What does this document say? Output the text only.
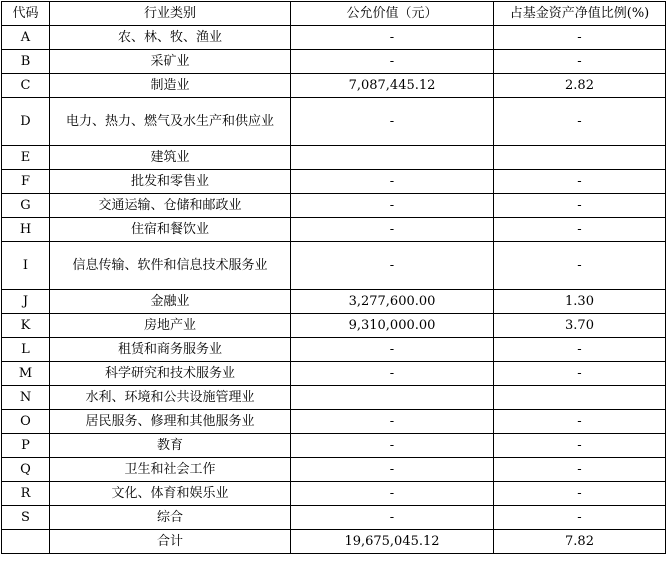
代码	行业类别	公允价值（元）	占基金资产净值比例(%)
A	农、林、牧、渔业	-	-
B	采矿业	-	-
C	制造业	7,087,445.12	2.82
D	电力、热力、燃气及水生产和供应业	-	-
E	建筑业		
F	批发和零售业	-	-
G	交通运输、仓储和邮政业	-	-
H	住宿和餐饮业	-	-
I	信息传输、软件和信息技术服务业	-	-
J	金融业	3,277,600.00	1.30
K	房地产业	9,310,000.00	3.70
L	租赁和商务服务业	-	-
M	科学研究和技术服务业	-	-
N	水利、环境和公共设施管理业		
O	居民服务、修理和其他服务业	-	-
P	教育	-	-
Q	卫生和社会工作	-	-
R	文化、体育和娱乐业	-	-
S	综合	-	-
	合计	19,675,045.12	7.82
